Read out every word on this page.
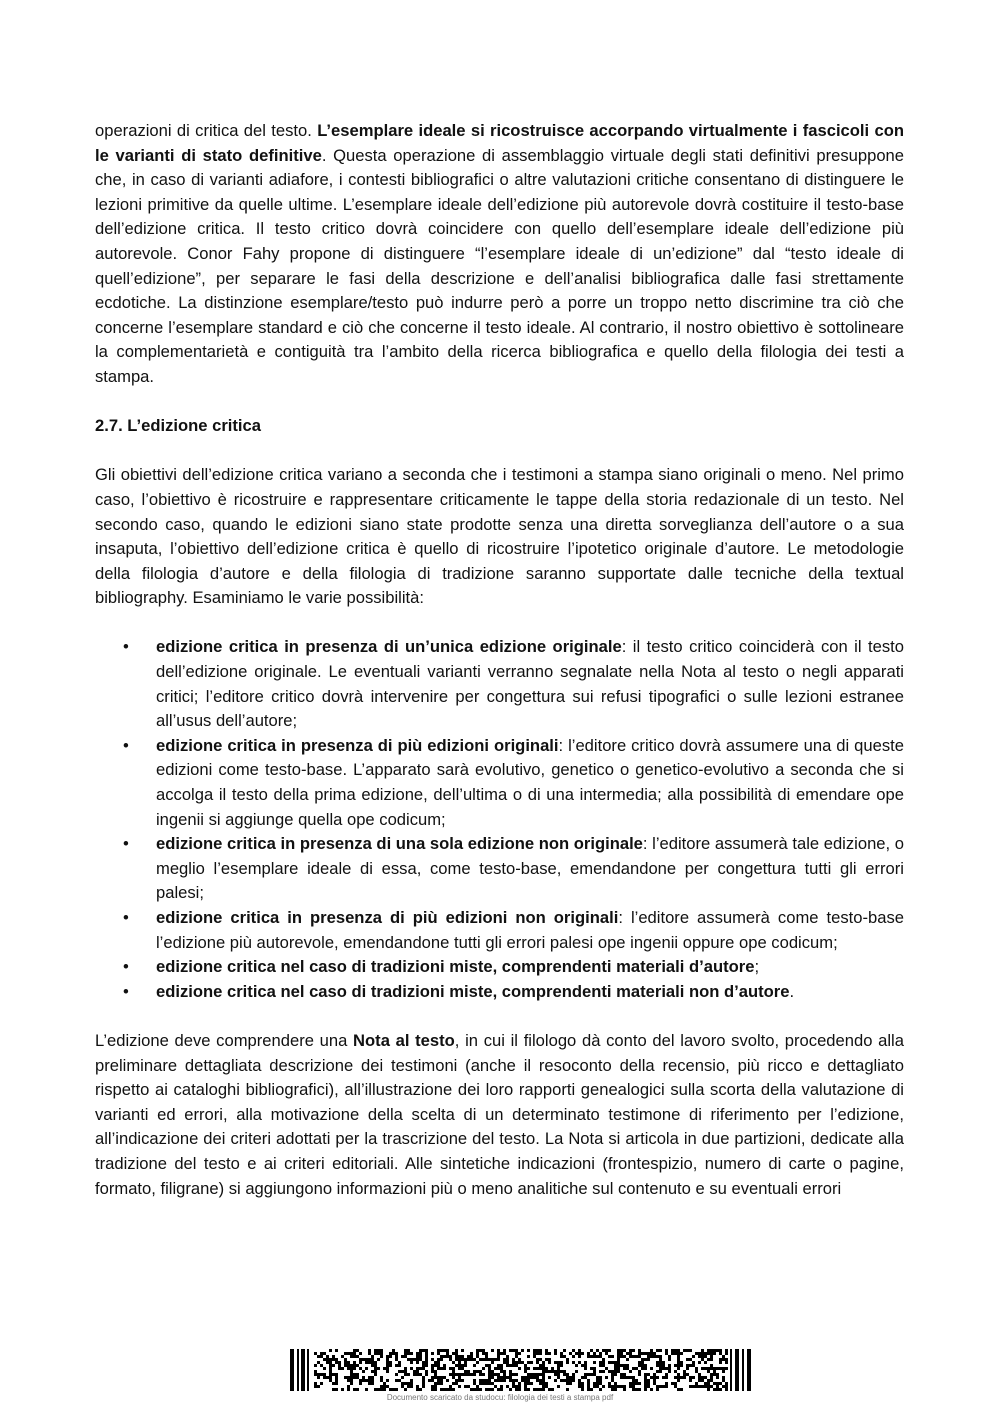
operazioni di critica del testo. L’esemplare ideale si ricostruisce accorpando virtualmente i fascicoli con le varianti di stato definitive. Questa operazione di assemblaggio virtuale degli stati definitivi presuppone che, in caso di varianti adiafore, i contesti bibliografici o altre valutazioni critiche consentano di distinguere le lezioni primitive da quelle ultime. L’esemplare ideale dell’edizione più autorevole dovrà costituire il testo-base dell’edizione critica. Il testo critico dovrà coincidere con quello dell’esemplare ideale dell’edizione più autorevole. Conor Fahy propone di distinguere “l’esemplare ideale di un’edizione” dal “testo ideale di quell’edizione”, per separare le fasi della descrizione e dell’analisi bibliografica dalle fasi strettamente ecdotiche. La distinzione esemplare/testo può indurre però a porre un troppo netto discrimine tra ciò che concerne l’esemplare standard e ciò che concerne il testo ideale. Al contrario, il nostro obiettivo è sottolineare la complementarietà e contiguità tra l’ambito della ricerca bibliografica e quello della filologia dei testi a stampa.

2.7. L’edizione critica

Gli obiettivi dell’edizione critica variano a seconda che i testimoni a stampa siano originali o meno. Nel primo caso, l’obiettivo è ricostruire e rappresentare criticamente le tappe della storia redazionale di un testo. Nel secondo caso, quando le edizioni siano state prodotte senza una diretta sorveglianza dell’autore o a sua insaputa, l’obiettivo dell’edizione critica è quello di ricostruire l’ipotetico originale d’autore. Le metodologie della filologia d’autore e della filologia di tradizione saranno supportate dalle tecniche della textual bibliography. Esaminiamo le varie possibilità:

• edizione critica in presenza di un’unica edizione originale: il testo critico coinciderà con il testo dell’edizione originale. Le eventuali varianti verranno segnalate nella Nota al testo o negli apparati critici; l’editore critico dovrà intervenire per congettura sui refusi tipografici o sulle lezioni estranee all’usus dell’autore;
• edizione critica in presenza di più edizioni originali: l’editore critico dovrà assumere una di queste edizioni come testo-base. L’apparato sarà evolutivo, genetico o genetico-evolutivo a seconda che si accolga il testo della prima edizione, dell’ultima o di una intermedia; alla possibilità di emendare ope ingenii si aggiunge quella ope codicum;
• edizione critica in presenza di una sola edizione non originale: l’editore assumerà tale edizione, o meglio l’esemplare ideale di essa, come testo-base, emendandone per congettura tutti gli errori palesi;
• edizione critica in presenza di più edizioni non originali: l’editore assumerà come testo-base l’edizione più autorevole, emendandone tutti gli errori palesi ope ingenii oppure ope codicum;
• edizione critica nel caso di tradizioni miste, comprendenti materiali d’autore;
• edizione critica nel caso di tradizioni miste, comprendenti materiali non d’autore.

L’edizione deve comprendere una Nota al testo, in cui il filologo dà conto del lavoro svolto, procedendo alla preliminare dettagliata descrizione dei testimoni (anche il resoconto della recensio, più ricco e dettagliato rispetto ai cataloghi bibliografici), all’illustrazione dei loro rapporti genealogici sulla scorta della valutazione di varianti ed errori, alla motivazione della scelta di un determinato testimone di riferimento per l’edizione, all’indicazione dei criteri adottati per la trascrizione del testo. La Nota si articola in due partizioni, dedicate alla tradizione del testo e ai criteri editoriali. Alle sintetiche indicazioni (frontespizio, numero di carte o pagine, formato, filigrane) si aggiungono informazioni più o meno analitiche sul contenuto e su eventuali errori

Documento scaricato da studocu: filologia dei testi a stampa pdf
